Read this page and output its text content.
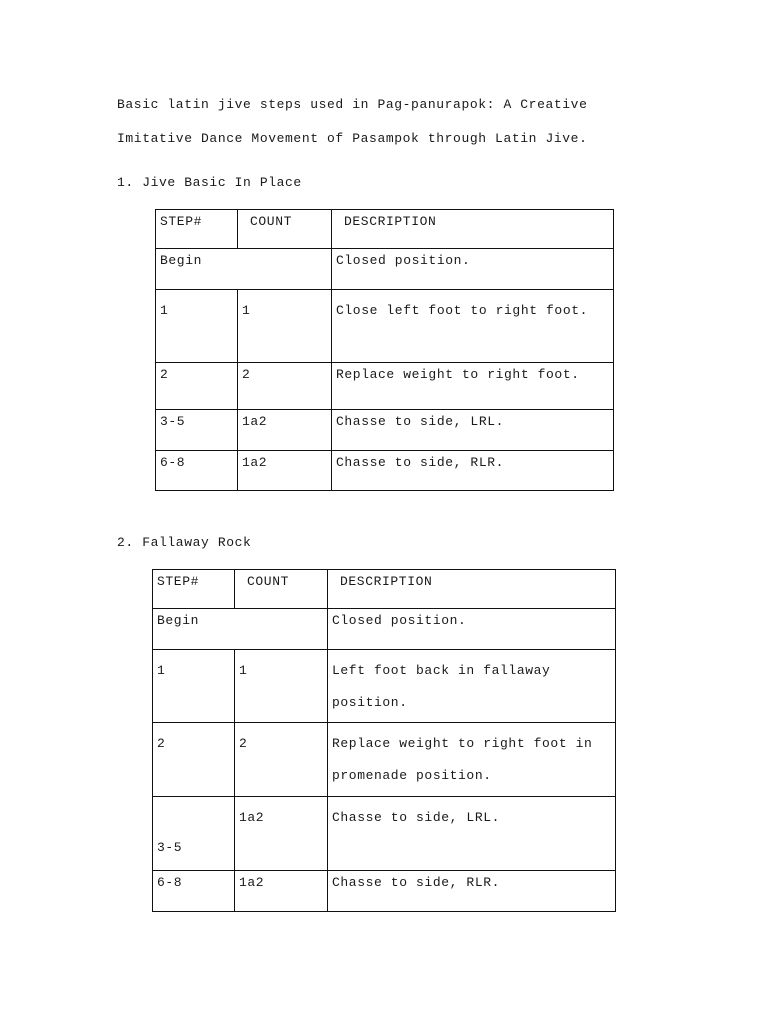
Basic latin jive steps used in Pag-panurapok: A Creative
Imitative Dance Movement of Pasampok through Latin Jive.
1. Jive Basic In Place
STEP#	COUNT	DESCRIPTION
Begin		Closed position.
1	1	Close left foot to right foot.
2	2	Replace weight to right foot.
3-5	1a2	Chasse to side, LRL.
6-8	1a2	Chasse to side, RLR.
2. Fallaway Rock
STEP#	COUNT	DESCRIPTION
Begin		Closed position.
1	1	Left foot back in fallaway position.
2	2	Replace weight to right foot in promenade position.

3-5	1a2	Chasse to side, LRL.
6-8	1a2	Chasse to side, RLR.
